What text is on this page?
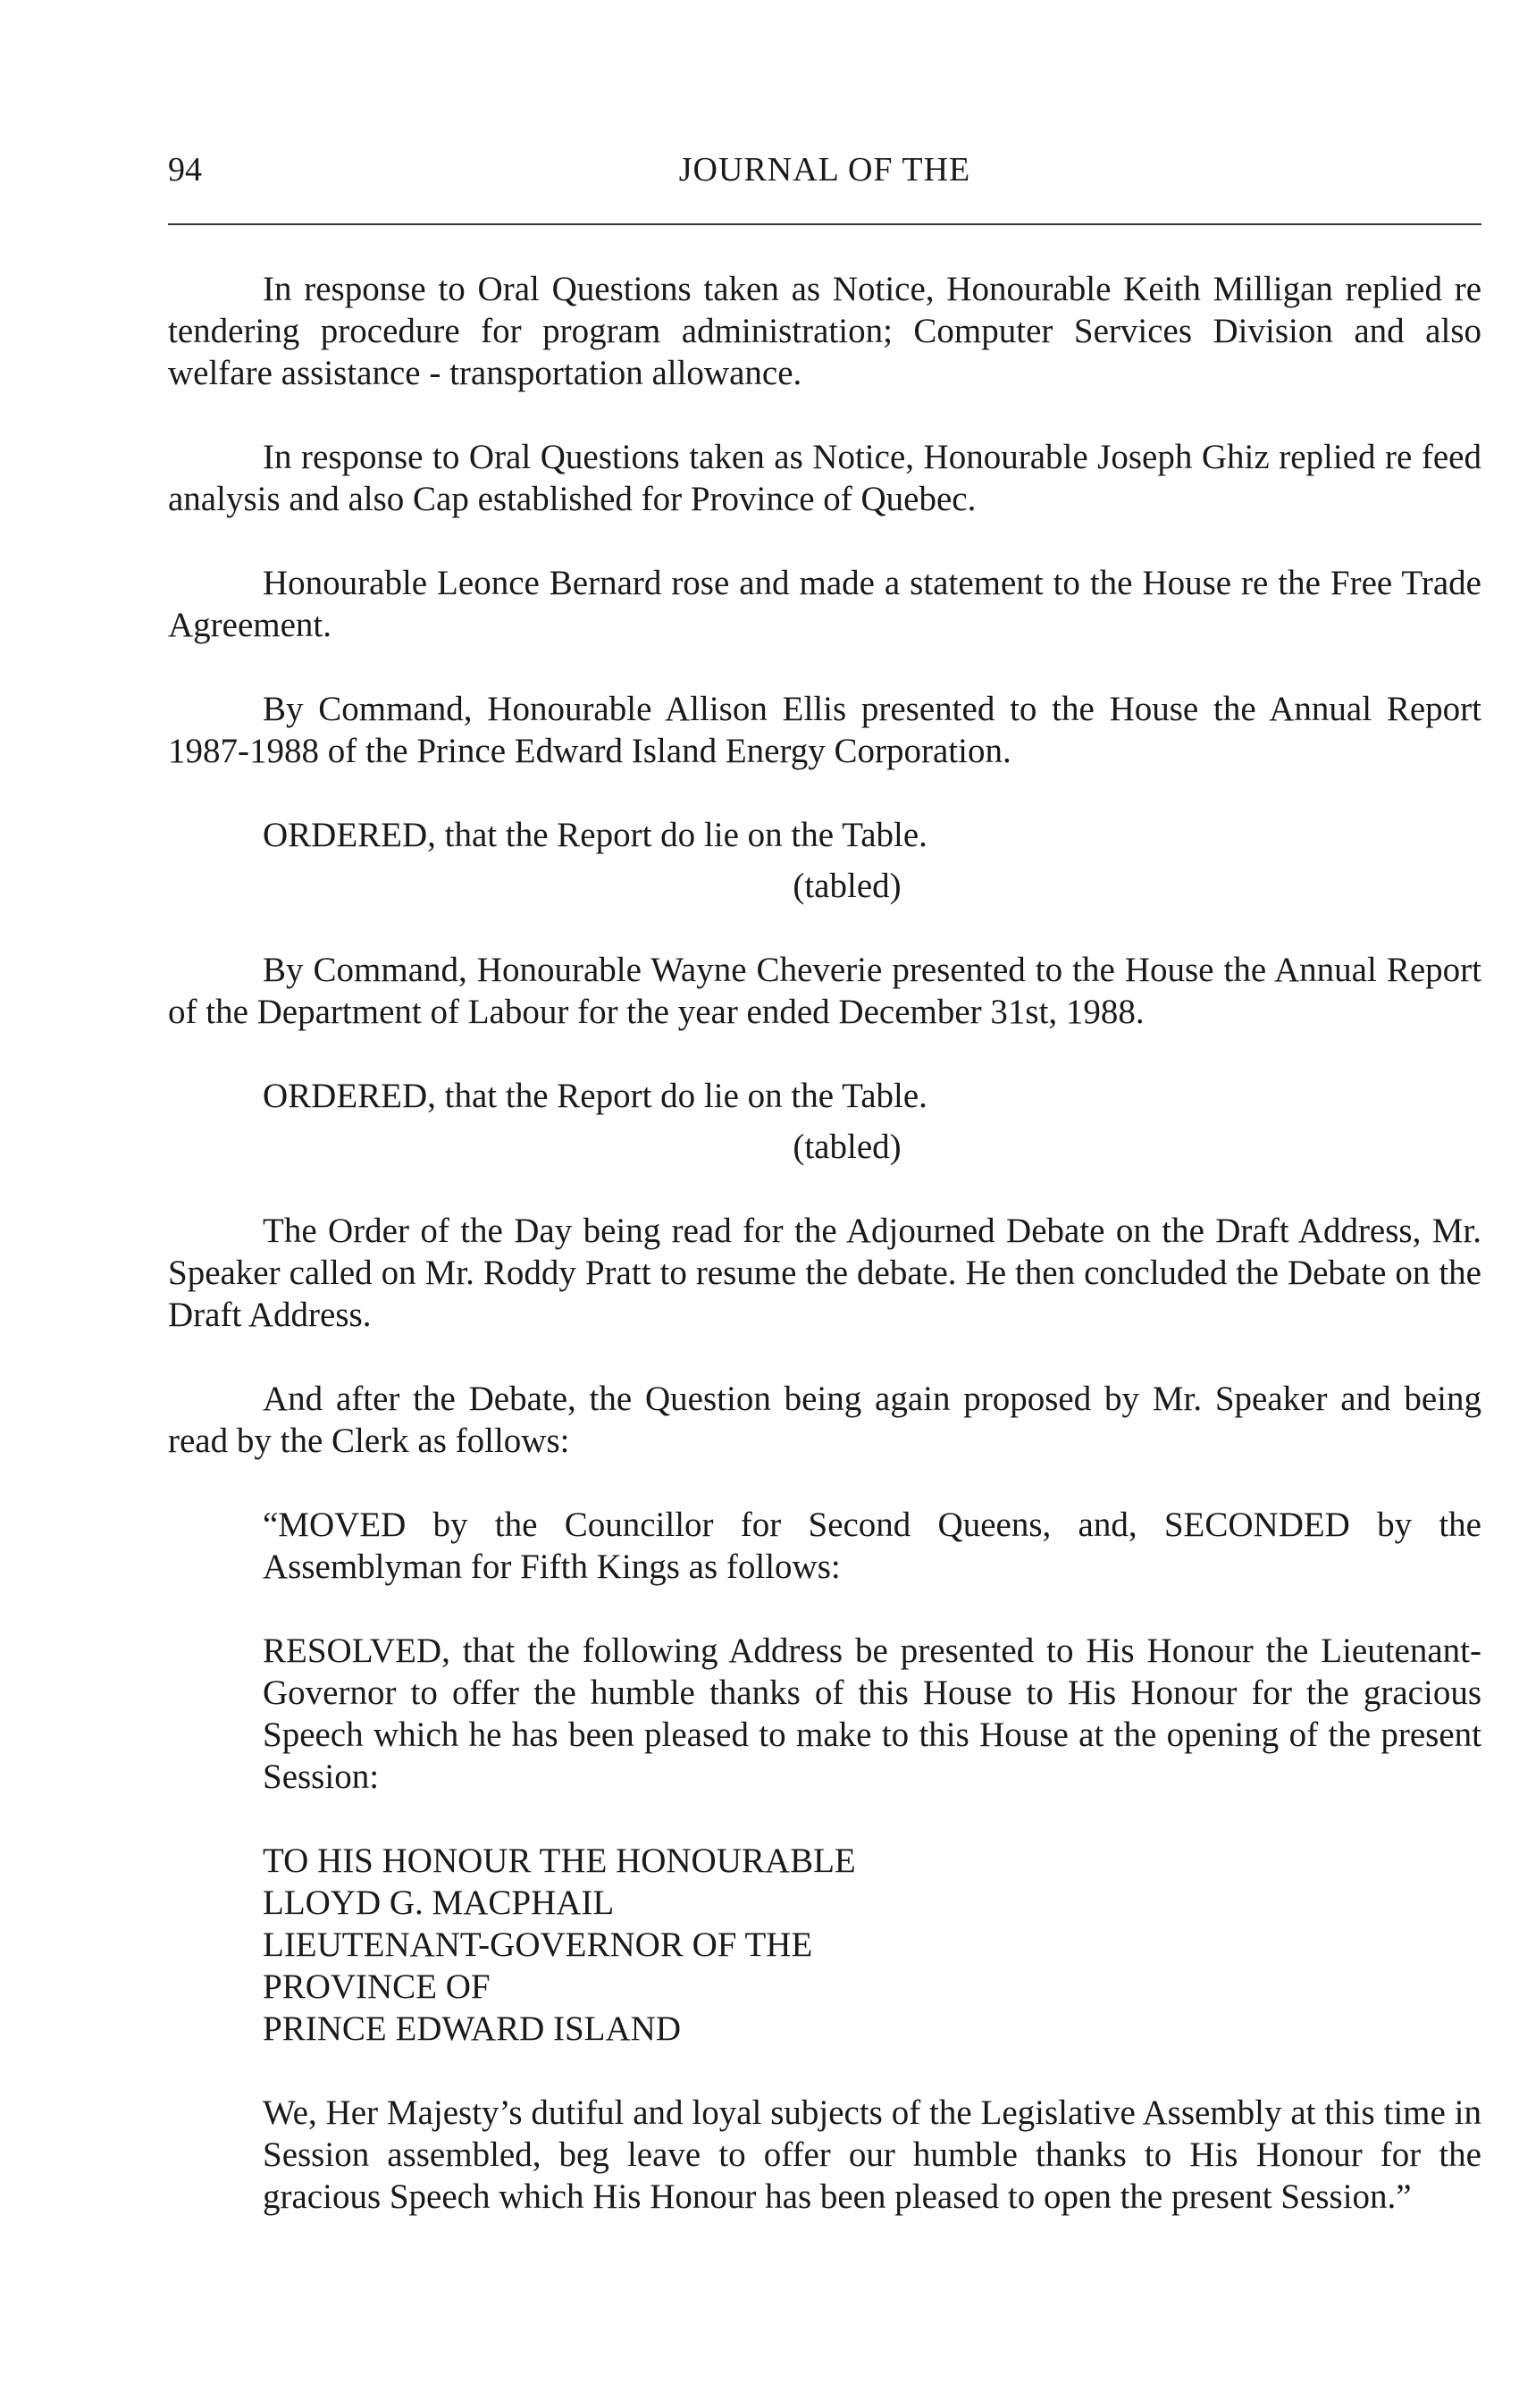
94	JOURNAL OF THE

In response to Oral Questions taken as Notice, Honourable Keith Milligan replied re tendering procedure for program administration; Computer Services Division and also welfare assistance - transportation allowance.

In response to Oral Questions taken as Notice, Honourable Joseph Ghiz replied re feed analysis and also Cap established for Province of Quebec.

Honourable Leonce Bernard rose and made a statement to the House re the Free Trade Agreement.

By Command, Honourable Allison Ellis presented to the House the Annual Report 1987-1988 of the Prince Edward Island Energy Corporation.

ORDERED, that the Report do lie on the Table.

(tabled)

By Command, Honourable Wayne Cheverie presented to the House the Annual Report of the Department of Labour for the year ended December 31st, 1988.

ORDERED, that the Report do lie on the Table.

(tabled)

The Order of the Day being read for the Adjourned Debate on the Draft Address, Mr. Speaker called on Mr. Roddy Pratt to resume the debate. He then concluded the Debate on the Draft Address.

And after the Debate, the Question being again proposed by Mr. Speaker and being read by the Clerk as follows:

“MOVED by the Councillor for Second Queens, and, SECONDED by the Assemblyman for Fifth Kings as follows:

RESOLVED, that the following Address be presented to His Honour the Lieutenant-Governor to offer the humble thanks of this House to His Honour for the gracious Speech which he has been pleased to make to this House at the opening of the present Session:

TO HIS HONOUR THE HONOURABLE
LLOYD G. MACPHAIL
LIEUTENANT-GOVERNOR OF THE
PROVINCE OF
PRINCE EDWARD ISLAND

We, Her Majesty’s dutiful and loyal subjects of the Legislative Assembly at this time in Session assembled, beg leave to offer our humble thanks to His Honour for the gracious Speech which His Honour has been pleased to open the present Session.”
